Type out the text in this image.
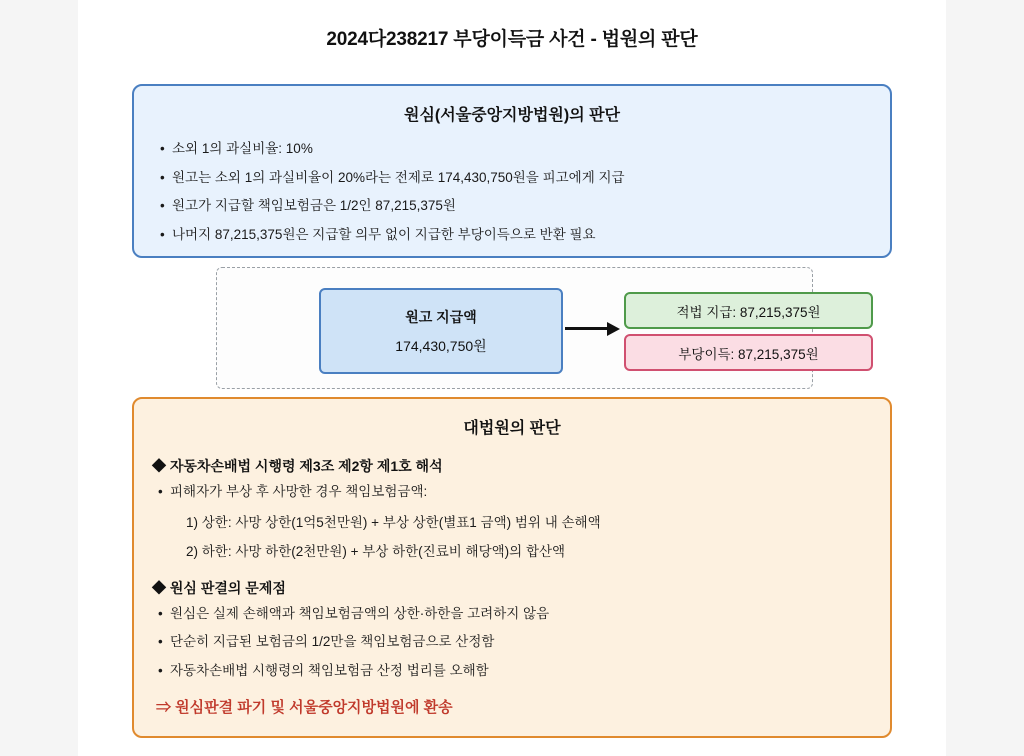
2024다238217 부당이득금 사건 - 법원의 판단
원심(서울중앙지방법원)의 판단
• 소외 1의 과실비율: 10%
• 원고는 소외 1의 과실비율이 20%라는 전제로 174,430,750원을 피고에게 지급
• 원고가 지급할 책임보험금은 1/2인 87,215,375원
• 나머지 87,215,375원은 지급할 의무 없이 지급한 부당이득으로 반환 필요
원고 지급액
174,430,750원
적법 지급: 87,215,375원
부당이득: 87,215,375원
대법원의 판단
◆ 자동차손배법 시행령 제3조 제2항 제1호 해석
• 피해자가 부상 후 사망한 경우 책임보험금액:
1) 상한: 사망 상한(1억5천만원) + 부상 상한(별표1 금액) 범위 내 손해액
2) 하한: 사망 하한(2천만원) + 부상 하한(진료비 해당액)의 합산액
◆ 원심 판결의 문제점
• 원심은 실제 손해액과 책임보험금액의 상한·하한을 고려하지 않음
• 단순히 지급된 보험금의 1/2만을 책임보험금으로 산정함
• 자동차손배법 시행령의 책임보험금 산정 법리를 오해함
⇒ 원심판결 파기 및 서울중앙지방법원에 환송
